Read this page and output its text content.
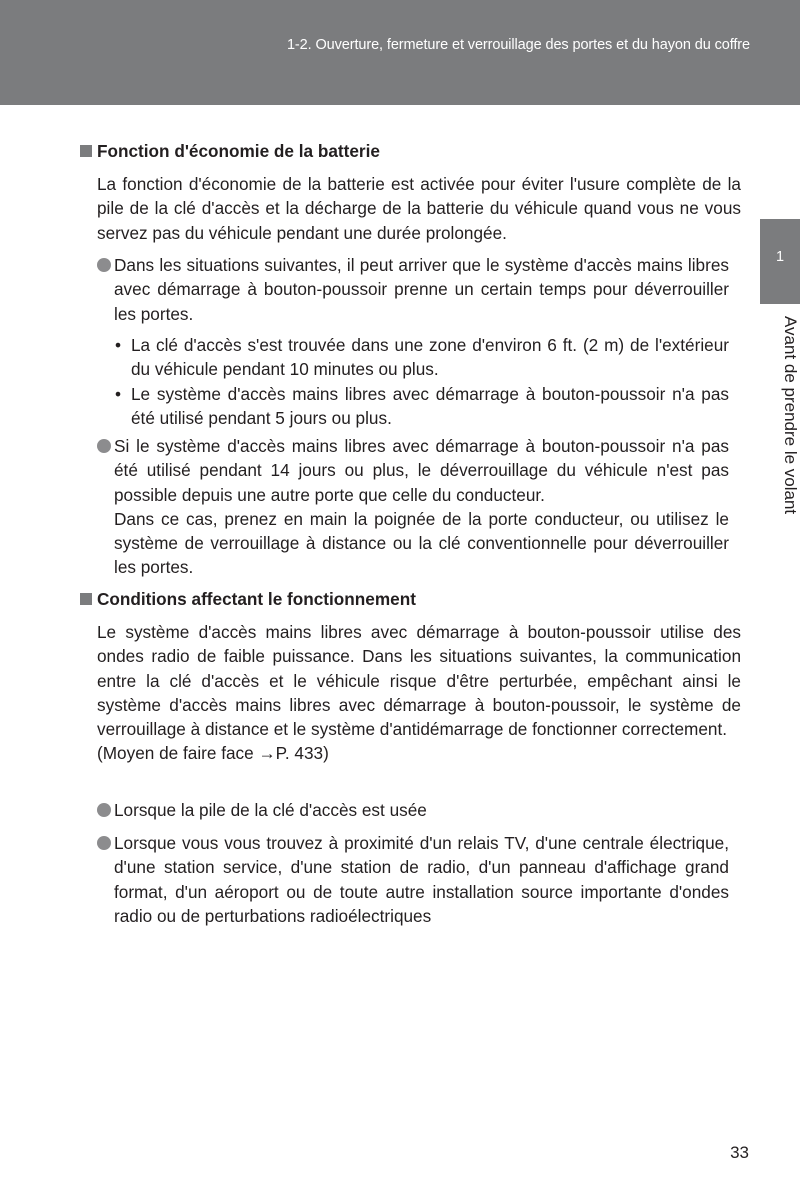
1-2. Ouverture, fermeture et verrouillage des portes et du hayon du coffre
1
Avant de prendre le volant
Fonction d'économie de la batterie
La fonction d'économie de la batterie est activée pour éviter l'usure complète de la pile de la clé d'accès et la décharge de la batterie du véhicule quand vous ne vous servez pas du véhicule pendant une durée prolongée.
Dans les situations suivantes, il peut arriver que le système d'accès mains libres avec démarrage à bouton-poussoir prenne un certain temps pour déverrouiller les portes.
• La clé d'accès s'est trouvée dans une zone d'environ 6 ft. (2 m) de l'extérieur du véhicule pendant 10 minutes ou plus.
• Le système d'accès mains libres avec démarrage à bouton-poussoir n'a pas été utilisé pendant 5 jours ou plus.
Si le système d'accès mains libres avec démarrage à bouton-poussoir n'a pas été utilisé pendant 14 jours ou plus, le déverrouillage du véhicule n'est pas possible depuis une autre porte que celle du conducteur.
Dans ce cas, prenez en main la poignée de la porte conducteur, ou utilisez le système de verrouillage à distance ou la clé conventionnelle pour déverrouiller les portes.
Conditions affectant le fonctionnement
Le système d'accès mains libres avec démarrage à bouton-poussoir utilise des ondes radio de faible puissance. Dans les situations suivantes, la communication entre la clé d'accès et le véhicule risque d'être perturbée, empêchant ainsi le système d'accès mains libres avec démarrage à bouton-poussoir, le système de verrouillage à distance et le système d'antidémarrage de fonctionner correctement.
(Moyen de faire face →P. 433)
Lorsque la pile de la clé d'accès est usée
Lorsque vous vous trouvez à proximité d'un relais TV, d'une centrale électrique, d'une station service, d'une station de radio, d'un panneau d'affichage grand format, d'un aéroport ou de toute autre installation source importante d'ondes radio ou de perturbations radioélectriques
33
